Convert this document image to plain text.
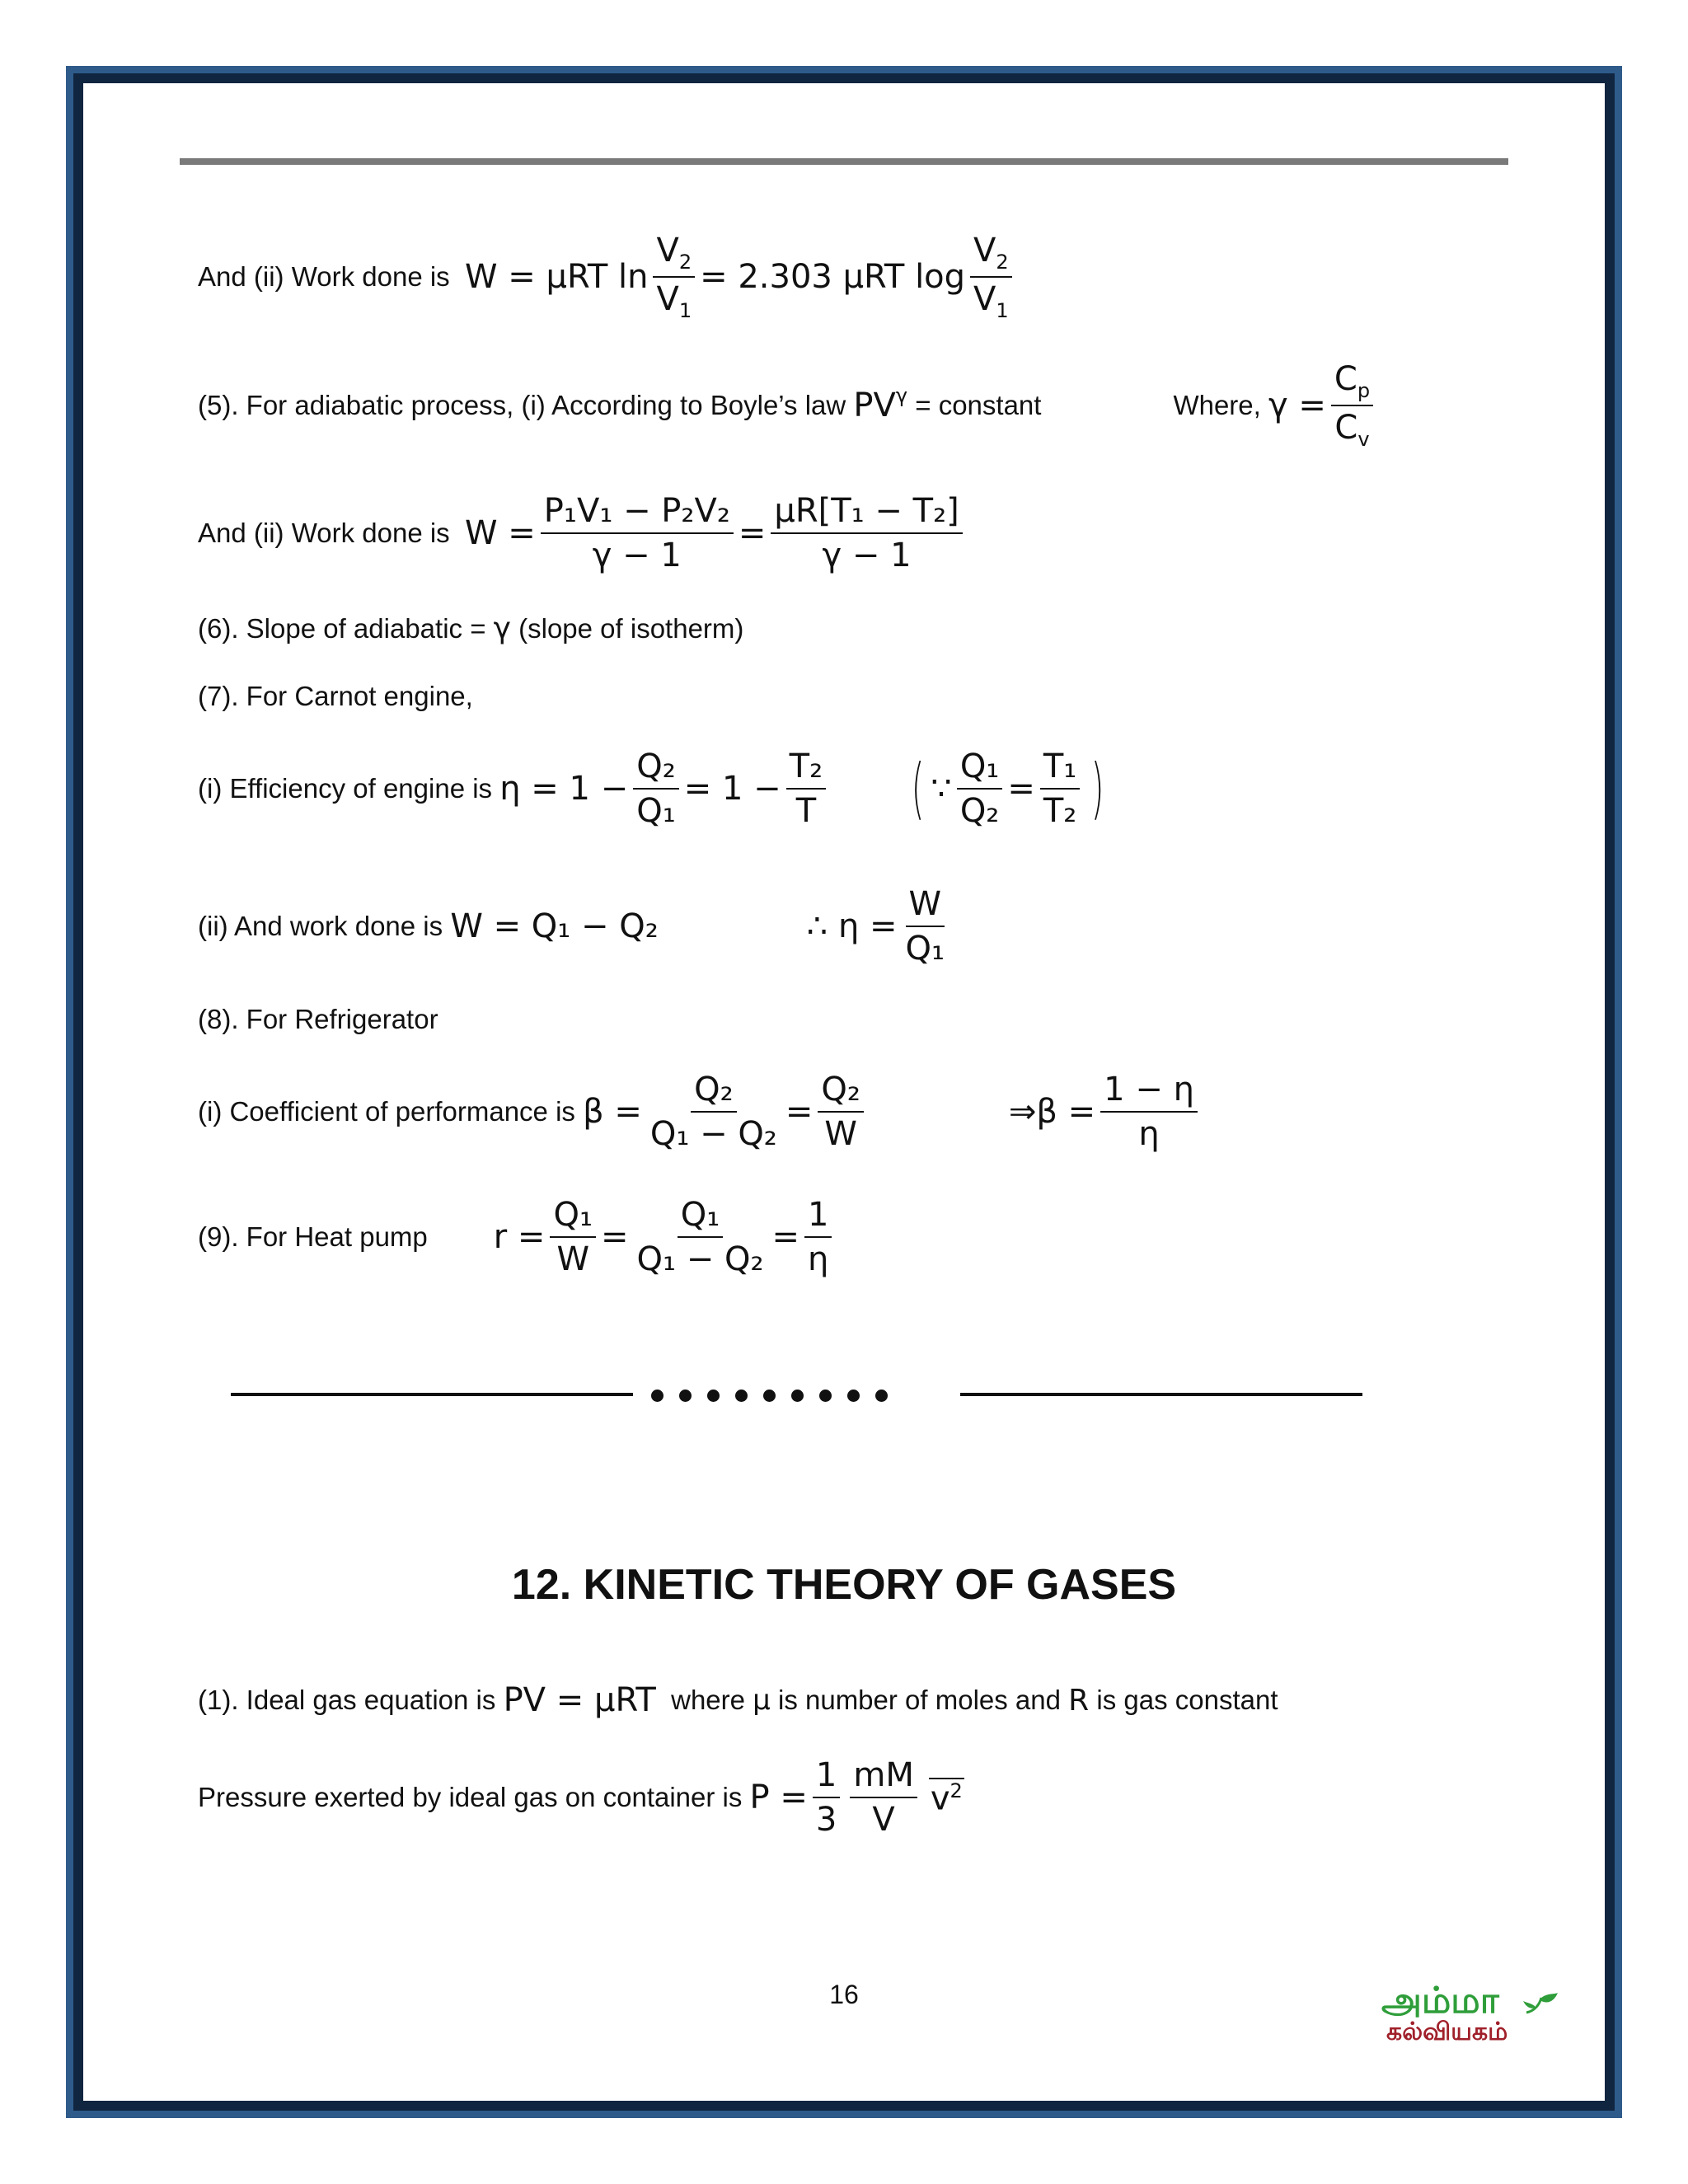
And (ii) Work done is
W = μRT $\ln \frac{V_2}{V_1} = 2.303$ μRT $\log \frac{V_2}{V_1}$
(5). For adiabatic process, (i) According to Boyle’s law
$PV^\gamma$
= constant	Where,
$\gamma = \frac{C_p}{C_v}$
And (ii) Work done is
$W = \frac{\text{P₁V₁ − P₂V₂}}{\gamma - 1} = \frac{\text{μR[T₁ − T₂]}}{\gamma - 1}$
(6). Slope of adiabatic =
γ
(slope of isotherm)
(7). For Carnot engine,
(i) Efficiency of engine is
$\eta = 1 - \frac{\text{Q₂}}{\text{Q₁}} = 1 - \frac{\text{T₂}}{T}$ ( ∵ $\frac{\text{Q₁}}{\text{Q₂}} = \frac{\text{T₁}}{\text{T₂}}$ )
(ii) And work done is
W = Q₁ − Q₂	∴ $\eta = \frac{W}{\text{Q₁}}$
(8). For Refrigerator
(i) Coefficient of performance is
$\beta = \frac{\text{Q₂}}{\text{Q₁ − Q₂}} = \frac{\text{Q₂}}{W}$	⇒β = $\frac{1 - \eta}{\eta}$
(9). For Heat pump $r = \frac{\text{Q₁}}{W} = \frac{\text{Q₁}}{\text{Q₁ − Q₂}} = \frac{1}{\eta}$
12. KINETIC THEORY OF GASES
(1). Ideal gas equation is
PV = μRT
where
μ
is number of moles and
R
is gas constant
Pressure exerted by ideal gas on container is
$P = \frac{1}{3} \frac{mM}{V} v^2$
16	அம்மா
கல்வியகம்
